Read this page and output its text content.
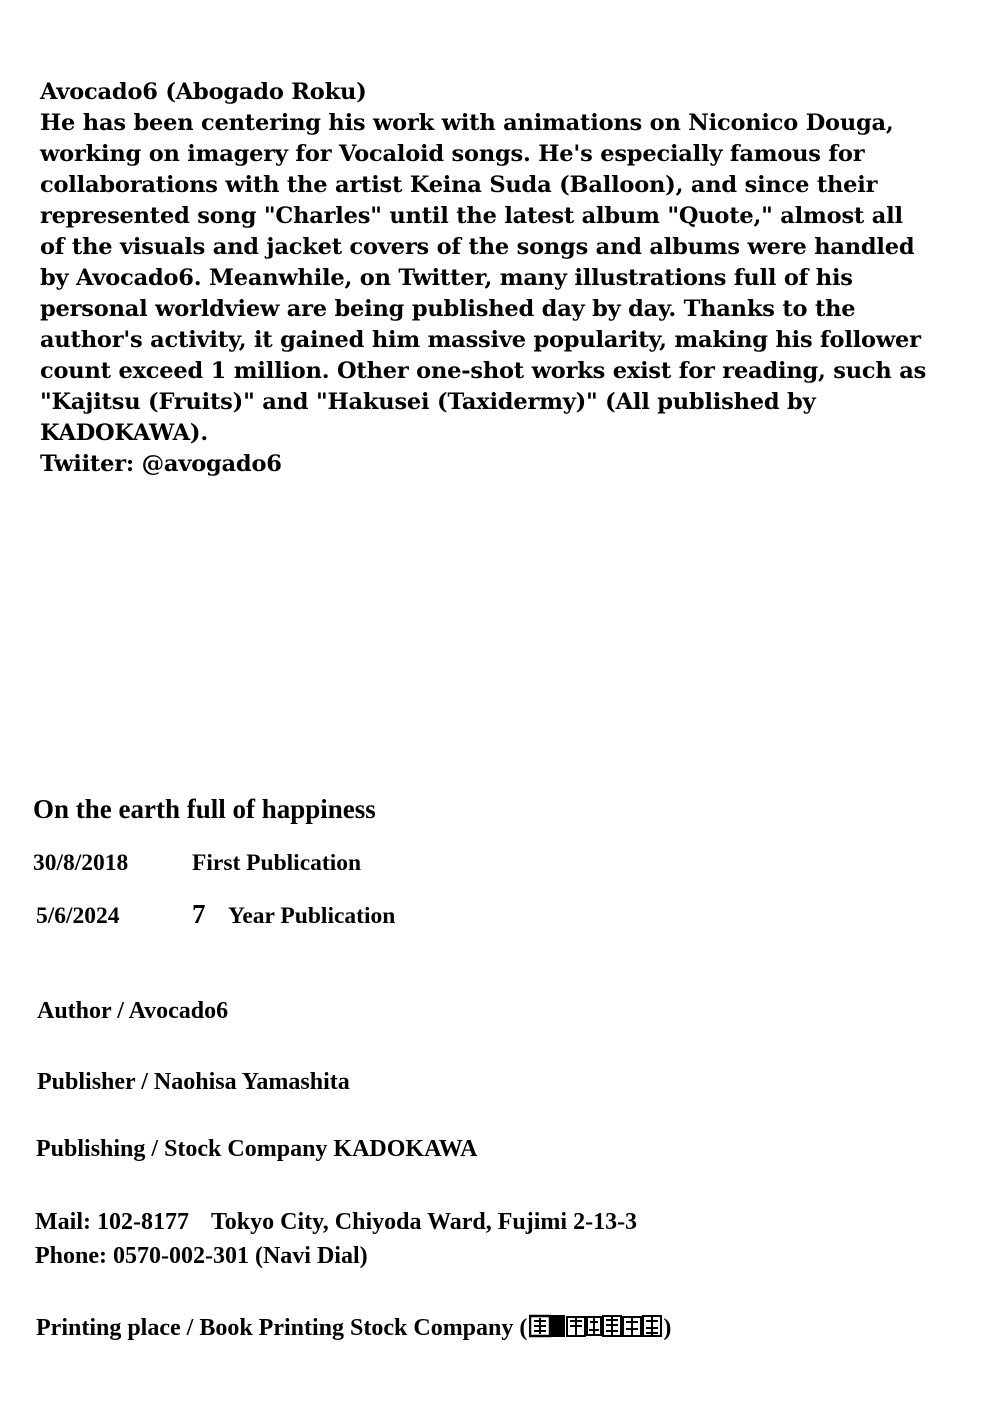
Avocado6 (Abogado Roku)
He has been centering his work with animations on Niconico Douga,
working on imagery for Vocaloid songs. He's especially famous for
collaborations with the artist Keina Suda (Balloon), and since their
represented song "Charles" until the latest album "Quote," almost all
of the visuals and jacket covers of the songs and albums were handled
by Avocado6. Meanwhile, on Twitter, many illustrations full of his
personal worldview are being published day by day. Thanks to the
author's activity, it gained him massive popularity, making his follower
count exceed 1 million. Other one-shot works exist for reading, such as
"Kajitsu (Fruits)" and "Hakusei (Taxidermy)" (All published by
KADOKAWA).
Twiiter: @avogado6
On the earth full of happiness
30/8/2018	First Publication
5/6/2024	7 Year Publication
Author / Avocado6
Publisher / Naohisa Yamashita
Publishing / Stock Company KADOKAWA
Mail: 102-8177 Tokyo City, Chiyoda Ward, Fujimi 2-13-3
Phone: 0570-002-301 (Navi Dial)
Printing place / Book Printing Stock Company (	)
